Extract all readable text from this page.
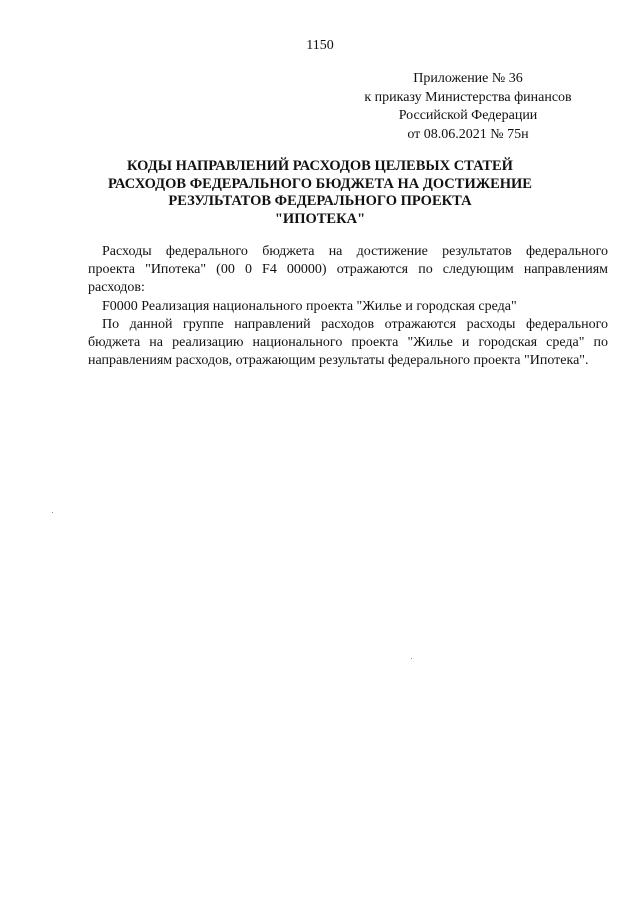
1150
Приложение № 36
к приказу Министерства финансов
Российской Федерации
от 08.06.2021 № 75н
КОДЫ НАПРАВЛЕНИЙ РАСХОДОВ ЦЕЛЕВЫХ СТАТЕЙ
РАСХОДОВ ФЕДЕРАЛЬНОГО БЮДЖЕТА НА ДОСТИЖЕНИЕ
РЕЗУЛЬТАТОВ ФЕДЕРАЛЬНОГО ПРОЕКТА
"ИПОТЕКА"

Расходы федерального бюджета на достижение результатов федерального
проекта "Ипотека" (00 0 F4 00000) отражаются по следующим направлениям
расходов:

F0000 Реализация национального проекта "Жилье и городская среда"

По данной группе направлений расходов отражаются расходы федерального
бюджета на реализацию национального проекта "Жилье и городская среда" по
направлениям расходов, отражающим результаты федерального проекта "Ипотека".
